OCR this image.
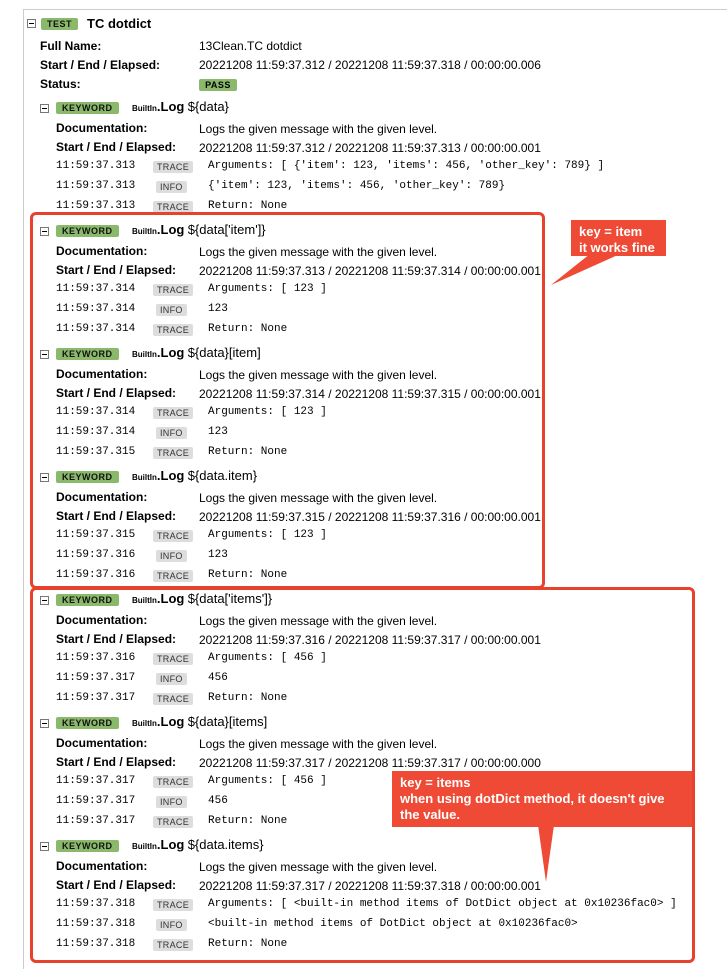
TEST	TC dotdict
Full Name:	13Clean.TC dotdict
Start / End / Elapsed:	20221208 11:59:37.312 / 20221208 11:59:37.318 / 00:00:00.006
Status:	PASS
KEYWORD	BuiltIn.Log ${data}
Documentation:	Logs the given message with the given level.
Start / End / Elapsed: 20221208 11:59:37.312 / 20221208 11:59:37.313 / 00:00:00.001
11:59:37.313	TRACE	Arguments: [ {'item': 123, 'items': 456, 'other_key': 789} ]
11:59:37.313	INFO	{'item': 123, 'items': 456, 'other_key': 789}
11:59:37.313	TRACE	Return: None
KEYWORD	BuiltIn.Log ${data['item']}
Documentation:	Logs the given message with the given level.
Start / End / Elapsed: 20221208 11:59:37.313 / 20221208 11:59:37.314 / 00:00:00.001
11:59:37.314	TRACE	Arguments: [ 123 ]
11:59:37.314	INFO	123
11:59:37.314	TRACE	Return: None
KEYWORD	BuiltIn.Log ${data}[item]
Documentation:	Logs the given message with the given level.
Start / End / Elapsed: 20221208 11:59:37.314 / 20221208 11:59:37.315 / 00:00:00.001
11:59:37.314	TRACE	Arguments: [ 123 ]
11:59:37.314	INFO	123
11:59:37.315	TRACE	Return: None
KEYWORD	BuiltIn.Log ${data.item}
Documentation:	Logs the given message with the given level.
Start / End / Elapsed: 20221208 11:59:37.315 / 20221208 11:59:37.316 / 00:00:00.001
11:59:37.315	TRACE	Arguments: [ 123 ]
11:59:37.316	INFO	123
11:59:37.316	TRACE	Return: None
KEYWORD	BuiltIn.Log ${data['items']}
Documentation:	Logs the given message with the given level.
Start / End / Elapsed: 20221208 11:59:37.316 / 20221208 11:59:37.317 / 00:00:00.001
11:59:37.316	TRACE	Arguments: [ 456 ]
11:59:37.317	INFO	456
11:59:37.317	TRACE	Return: None
KEYWORD	BuiltIn.Log ${data}[items]
Documentation:	Logs the given message with the given level.
Start / End / Elapsed: 20221208 11:59:37.317 / 20221208 11:59:37.317 / 00:00:00.000
11:59:37.317	TRACE	Arguments: [ 456 ]
11:59:37.317	INFO	456
11:59:37.317	TRACE	Return: None
KEYWORD	BuiltIn.Log ${data.items}
Documentation:	Logs the given message with the given level.
Start / End / Elapsed: 20221208 11:59:37.317 / 20221208 11:59:37.318 / 00:00:00.001
11:59:37.318	TRACE	Arguments: [ <built-in method items of DotDict object at 0x10236fac0> ]
11:59:37.318	INFO	<built-in method items of DotDict object at 0x10236fac0>
11:59:37.318	TRACE	Return: None
key = item
it works fine
key = items
when using dotDict method, it doesn't give
the value.
